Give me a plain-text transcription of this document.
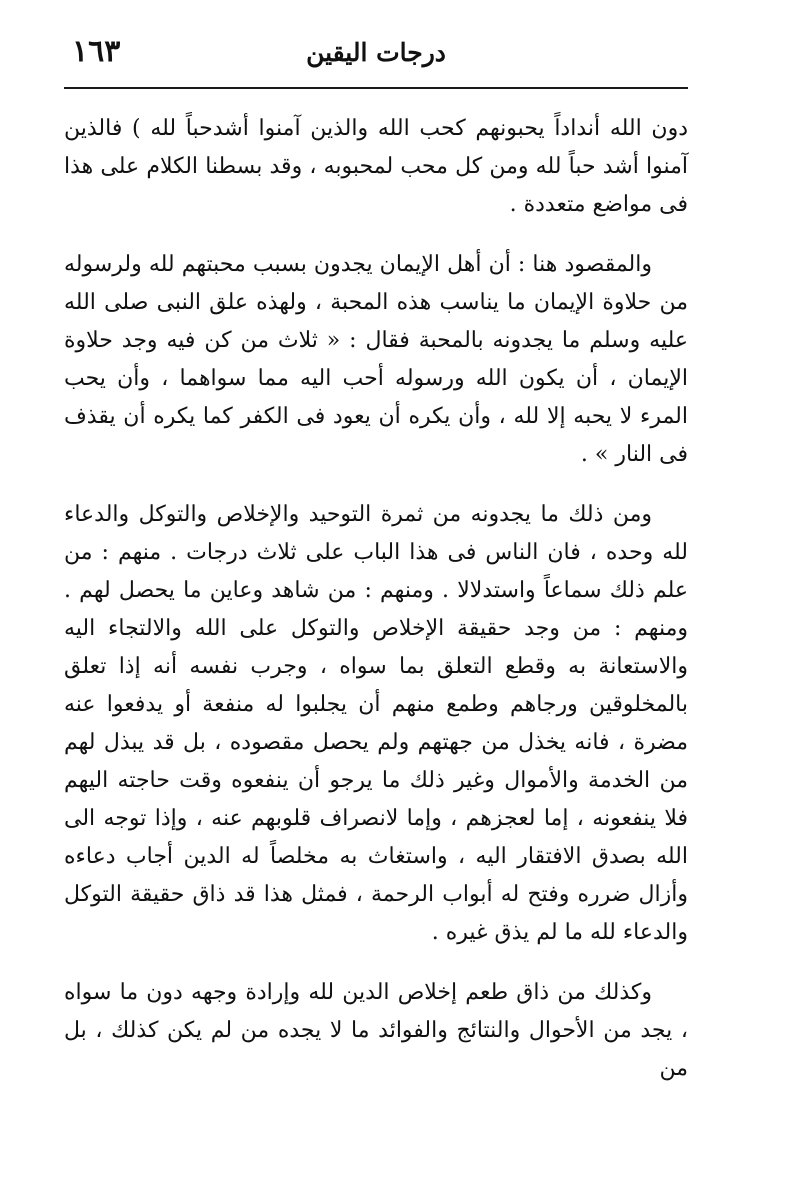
درجات اليقين
١٦٣

دون الله أنداداً يحبونهم كحب الله والذين آمنوا أشدحباً لله ) فالذين آمنوا أشد حباً لله ومن كل محب لمحبوبه ، وقد بسطنا الكلام على هذا فى مواضع متعددة .

والمقصود هنا : أن أهل الإيمان يجدون بسبب محبتهم لله ولرسوله من حلاوة الإيمان ما يناسب هذه المحبة ، ولهذه علق النبى صلى الله عليه وسلم ما يجدونه بالمحبة فقال : « ثلاث من كن فيه وجد حلاوة الإيمان ، أن يكون الله ورسوله أحب اليه مما سواهما ، وأن يحب المرء لا يحبه إلا لله ، وأن يكره أن يعود فى الكفر كما يكره أن يقذف فى النار » .

ومن ذلك ما يجدونه من ثمرة التوحيد والإخلاص والتوكل والدعاء لله وحده ، فان الناس فى هذا الباب على ثلاث درجات . منهم : من علم ذلك سماعاً واستدلالا . ومنهم : من شاهد وعاين ما يحصل لهم . ومنهم : من وجد حقيقة الإخلاص والتوكل على الله والالتجاء اليه والاستعانة به وقطع التعلق بما سواه ، وجرب نفسه أنه إذا تعلق بالمخلوقين ورجاهم وطمع منهم أن يجلبوا له منفعة أو يدفعوا عنه مضرة ، فانه يخذل من جهتهم ولم يحصل مقصوده ، بل قد يبذل لهم من الخدمة والأموال وغير ذلك ما يرجو أن ينفعوه وقت حاجته اليهم فلا ينفعونه ، إما لعجزهم ، وإما لانصراف قلوبهم عنه ، وإذا توجه الى الله بصدق الافتقار اليه ، واستغاث به مخلصاً له الدين أجاب دعاءه وأزال ضرره وفتح له أبواب الرحمة ، فمثل هذا قد ذاق حقيقة التوكل والدعاء لله ما لم يذق غيره .

وكذلك من ذاق طعم إخلاص الدين لله وإرادة وجهه دون ما سواه ، يجد من الأحوال والنتائج والفوائد ما لا يجده من لم يكن كذلك ، بل من
